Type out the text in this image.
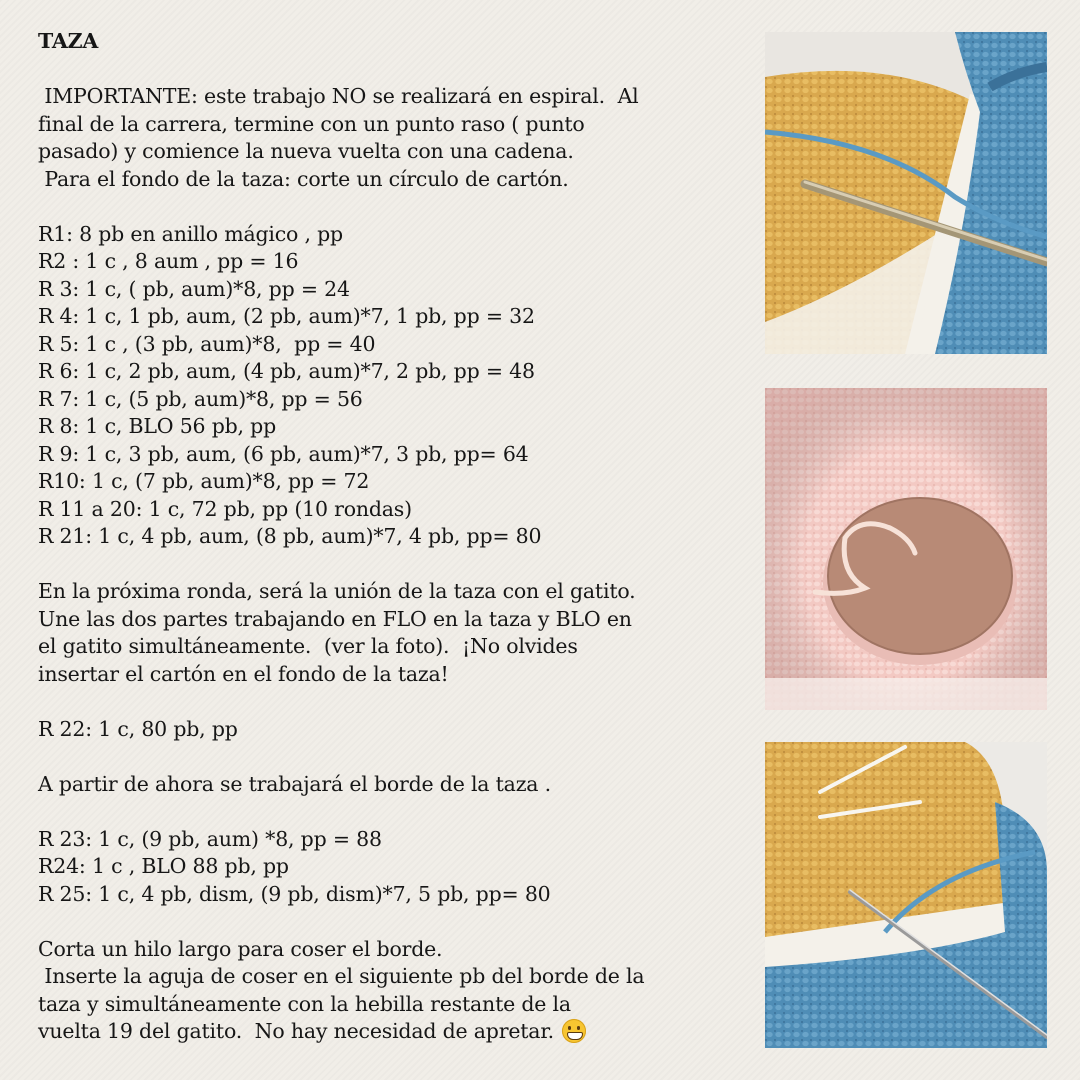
TAZA

IMPORTANTE: este trabajo NO se realizará en espiral.  Al

final de la carrera, termine con un punto raso ( punto

pasado) y comience la nueva vuelta con una cadena.

Para el fondo de la taza: corte un círculo de cartón.

R1: 8 pb en anillo mágico , pp

R2 : 1 c , 8 aum , pp = 16

R 3: 1 c, ( pb, aum)*8, pp = 24

R 4: 1 c, 1 pb, aum, (2 pb, aum)*7, 1 pb, pp = 32

R 5: 1 c , (3 pb, aum)*8,  pp = 40

R 6: 1 c, 2 pb, aum, (4 pb, aum)*7, 2 pb, pp = 48

R 7: 1 c, (5 pb, aum)*8, pp = 56

R 8: 1 c, BLO 56 pb, pp

R 9: 1 c, 3 pb, aum, (6 pb, aum)*7, 3 pb, pp= 64

R10: 1 c, (7 pb, aum)*8, pp = 72

R 11 a 20: 1 c, 72 pb, pp (10 rondas)

R 21: 1 c, 4 pb, aum, (8 pb, aum)*7, 4 pb, pp= 80

En la próxima ronda, será la unión de la taza con el gatito.

Une las dos partes trabajando en FLO en la taza y BLO en

el gatito simultáneamente.  (ver la foto).  ¡No olvides

insertar el cartón en el fondo de la taza!

R 22: 1 c, 80 pb, pp

A partir de ahora se trabajará el borde de la taza .

R 23: 1 c, (9 pb, aum) *8, pp = 88

R24: 1 c , BLO 88 pb, pp

R 25: 1 c, 4 pb, dism, (9 pb, dism)*7, 5 pb, pp= 80

Corta un hilo largo para coser el borde.

Inserte la aguja de coser en el siguiente pb del borde de la

taza y simultáneamente con la hebilla restante de la

vuelta 19 del gatito.  No hay necesidad de apretar.
